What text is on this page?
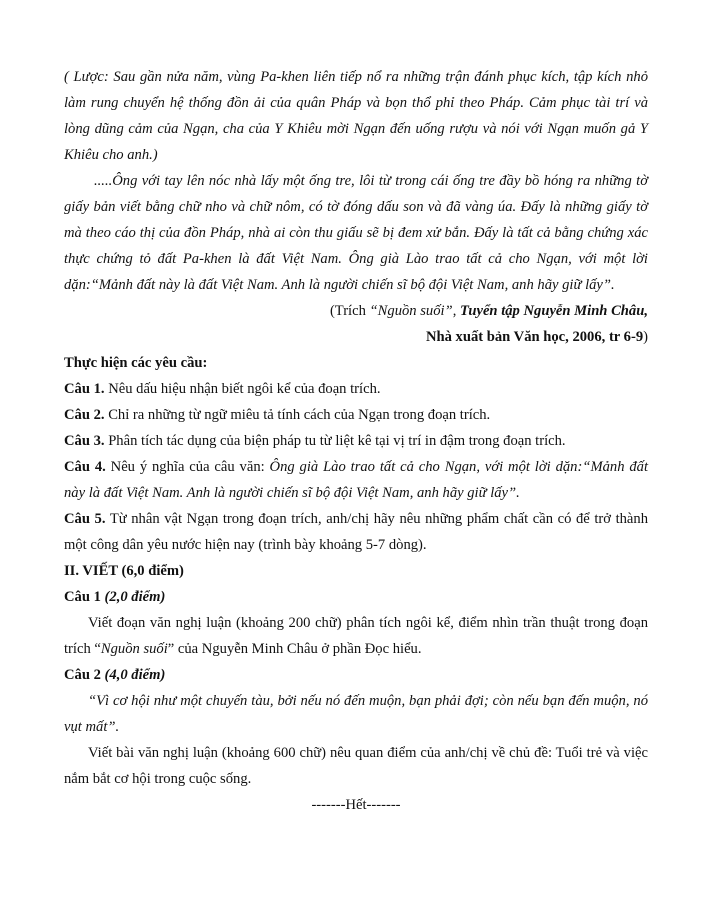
( Lược: Sau gần nửa năm, vùng Pa-khen liên tiếp nổ ra những trận đánh phục kích, tập kích nhỏ làm rung chuyển hệ thống đồn ải của quân Pháp và bọn thổ phỉ theo Pháp. Cảm phục tài trí và lòng dũng cảm của Ngạn, cha của Y Khiêu mời Ngạn đến uống rượu và nói với Ngạn muốn gả Y Khiêu cho anh.)

.....Ông với tay lên nóc nhà lấy một ống tre, lôi từ trong cái ống tre đầy bồ hóng ra những tờ giấy bản viết bằng chữ nho và chữ nôm, có tờ đóng dấu son và đã vàng úa. Đấy là những giấy tờ mà theo cáo thị của đồn Pháp, nhà ai còn thu giấu sẽ bị đem xử bắn. Đấy là tất cả bằng chứng xác thực chứng tỏ đất Pa-khen là đất Việt Nam. Ông già Lào trao tất cả cho Ngạn, với một lời dặn:“Mảnh đất này là đất Việt Nam. Anh là người chiến sĩ bộ đội Việt Nam, anh hãy giữ lấy”.

(Trích “Nguồn suối”, Tuyển tập Nguyễn Minh Châu,

Nhà xuất bản Văn học, 2006, tr 6-9)

Thực hiện các yêu cầu:

Câu 1. Nêu dấu hiệu nhận biết ngôi kể của đoạn trích.

Câu 2. Chỉ ra những từ ngữ miêu tả tính cách của Ngạn trong đoạn trích.

Câu 3. Phân tích tác dụng của biện pháp tu từ liệt kê tại vị trí in đậm trong đoạn trích.

Câu 4. Nêu ý nghĩa của câu văn: Ông già Lào trao tất cả cho Ngạn, với một lời dặn:“Mảnh đất này là đất Việt Nam. Anh là người chiến sĩ bộ đội Việt Nam, anh hãy giữ lấy”.

Câu 5. Từ nhân vật Ngạn trong đoạn trích, anh/chị hãy nêu những phẩm chất cần có để trở thành một công dân yêu nước hiện nay (trình bày khoảng 5-7 dòng).

II. VIẾT (6,0 điểm)

Câu 1 (2,0 điểm)

Viết đoạn văn nghị luận (khoảng 200 chữ) phân tích ngôi kể, điểm nhìn trần thuật trong đoạn trích “Nguồn suối” của Nguyễn Minh Châu ở phần Đọc hiểu.

Câu 2 (4,0 điểm)

“Vì cơ hội như một chuyến tàu, bởi nếu nó đến muộn, bạn phải đợi; còn nếu bạn đến muộn, nó vụt mất”.

Viết bài văn nghị luận (khoảng 600 chữ) nêu quan điểm của anh/chị về chủ đề: Tuổi trẻ và việc nắm bắt cơ hội trong cuộc sống.

-------Hết-------
